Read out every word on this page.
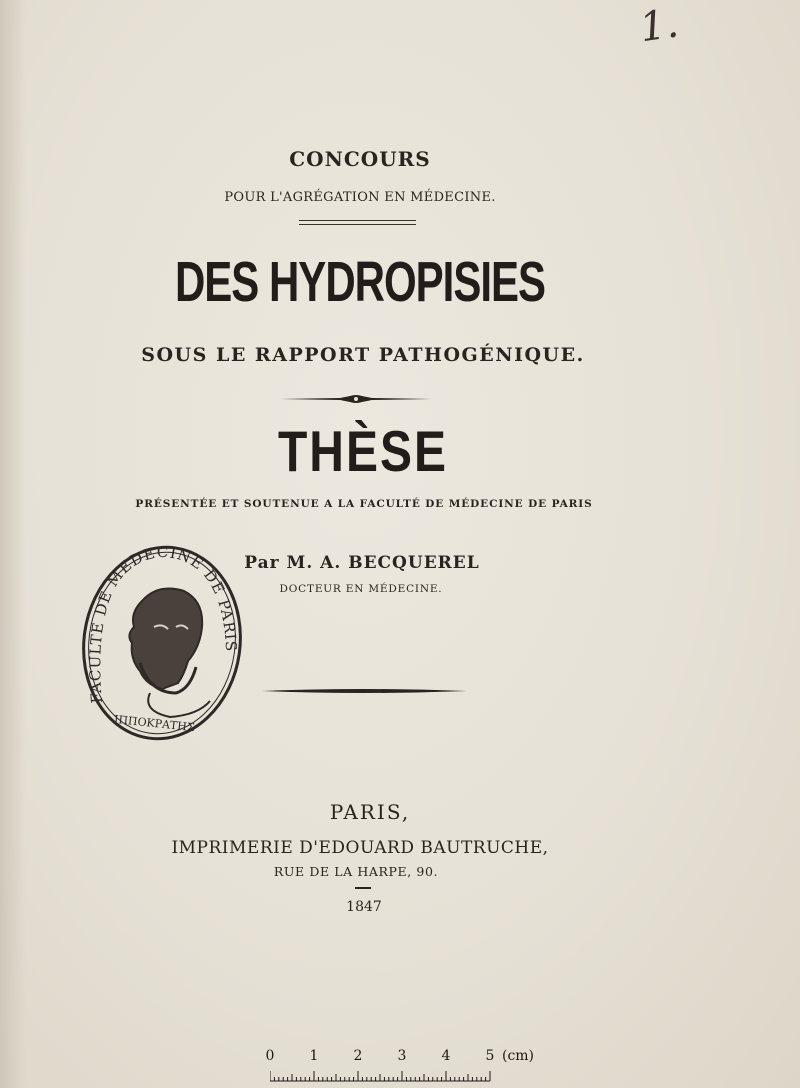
1.
CONCOURS
POUR L'AGRÉGATION EN MÉDECINE.
DES HYDROPISIES
SOUS LE RAPPORT PATHOGÉNIQUE.
THÈSE
PRÉSENTÉE ET SOUTENUE A LA FACULTÉ DE MÉDECINE DE PARIS
Par M. A. BECQUEREL
DOCTEUR EN MÉDECINE.
FACULTE DE MEDECINE DE PARIS
ΙΠΠΟΚΡΑΤΗΣ
PARIS,
IMPRIMERIE D'EDOUARD BAUTRUCHE,
RUE DE LA HARPE, 90.
1847
0	1	2	3	4	5 (cm)
